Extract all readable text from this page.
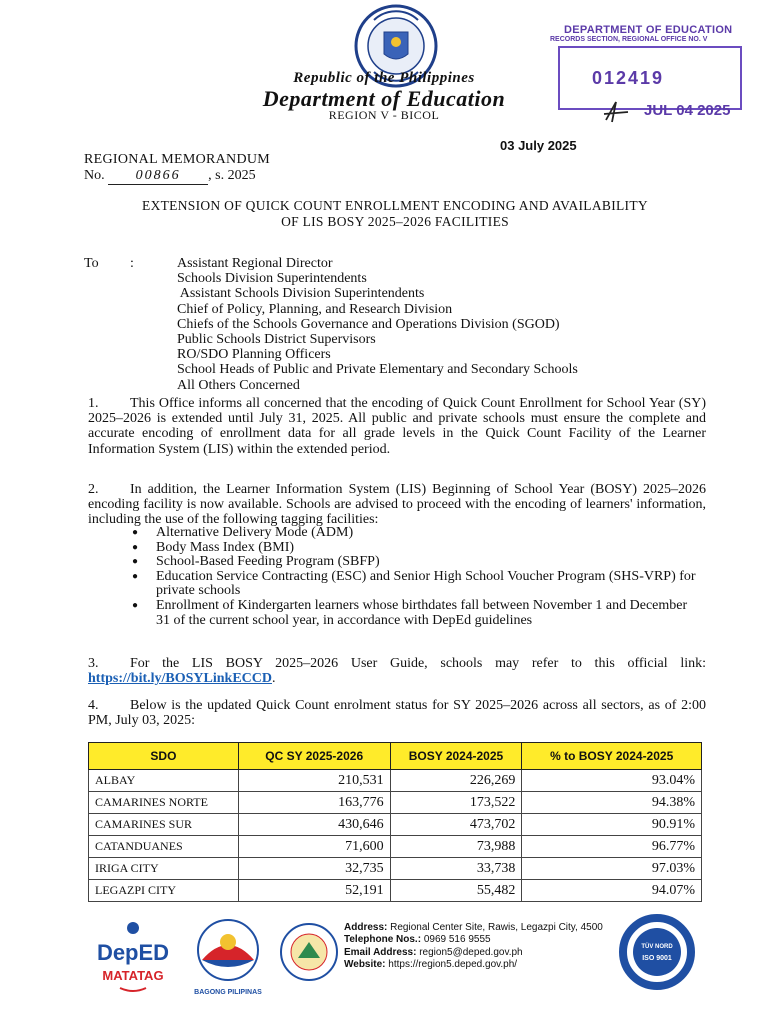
Republic of the Philippines
Department of Education
REGION V - BICOL
DEPARTMENT OF EDUCATION
RECORDS SECTION, REGIONAL OFFICE NO. V
012419
JUL 04 2025
03 July 2025
REGIONAL MEMORANDUM
No. 00866 , s. 2025
EXTENSION OF QUICK COUNT ENROLLMENT ENCODING AND AVAILABILITY
OF LIS BOSY 2025–2026 FACILITIES
To :	Assistant Regional Director
Schools Division Superintendents
Assistant Schools Division Superintendents
Chief of Policy, Planning, and Research Division
Chiefs of the Schools Governance and Operations Division (SGOD)
Public Schools District Supervisors
RO/SDO Planning Officers
School Heads of Public and Private Elementary and Secondary Schools
All Others Concerned
1. This Office informs all concerned that the encoding of Quick Count Enrollment for School Year (SY) 2025–2026 is extended until July 31, 2025. All public and private schools must ensure the complete and accurate encoding of enrollment data for all grade levels in the Quick Count Facility of the Learner Information System (LIS) within the extended period.
2. In addition, the Learner Information System (LIS) Beginning of School Year (BOSY) 2025–2026 encoding facility is now available. Schools are advised to proceed with the encoding of learners' information, including the use of the following tagging facilities:
● Alternative Delivery Mode (ADM)
● Body Mass Index (BMI)
● School-Based Feeding Program (SBFP)
● Education Service Contracting (ESC) and Senior High School Voucher Program (SHS-VRP) for private schools
● Enrollment of Kindergarten learners whose birthdates fall between November 1 and December 31 of the current school year, in accordance with DepEd guidelines
3. For the LIS BOSY 2025–2026 User Guide, schools may refer to this official link: https://bit.ly/BOSYLinkECCD.
4. Below is the updated Quick Count enrolment status for SY 2025–2026 across all sectors, as of 2:00 PM, July 03, 2025:
SDO	QC SY 2025-2026	BOSY 2024-2025	% to BOSY 2024-2025
ALBAY	210,531	226,269	93.04%
CAMARINES NORTE	163,776	173,522	94.38%
CAMARINES SUR	430,646	473,702	90.91%
CATANDUANES	71,600	73,988	96.77%
IRIGA CITY	32,735	33,738	97.03%
LEGAZPI CITY	52,191	55,482	94.07%
DepED
MATATAG
BAGONG PILIPINAS
Address: Regional Center Site, Rawis, Legazpi City, 4500
Telephone Nos.: 0969 516 9555
Email Address: region5@deped.gov.ph
Website: https://region5.deped.gov.ph/
TÜV NORD
ISO 9001
